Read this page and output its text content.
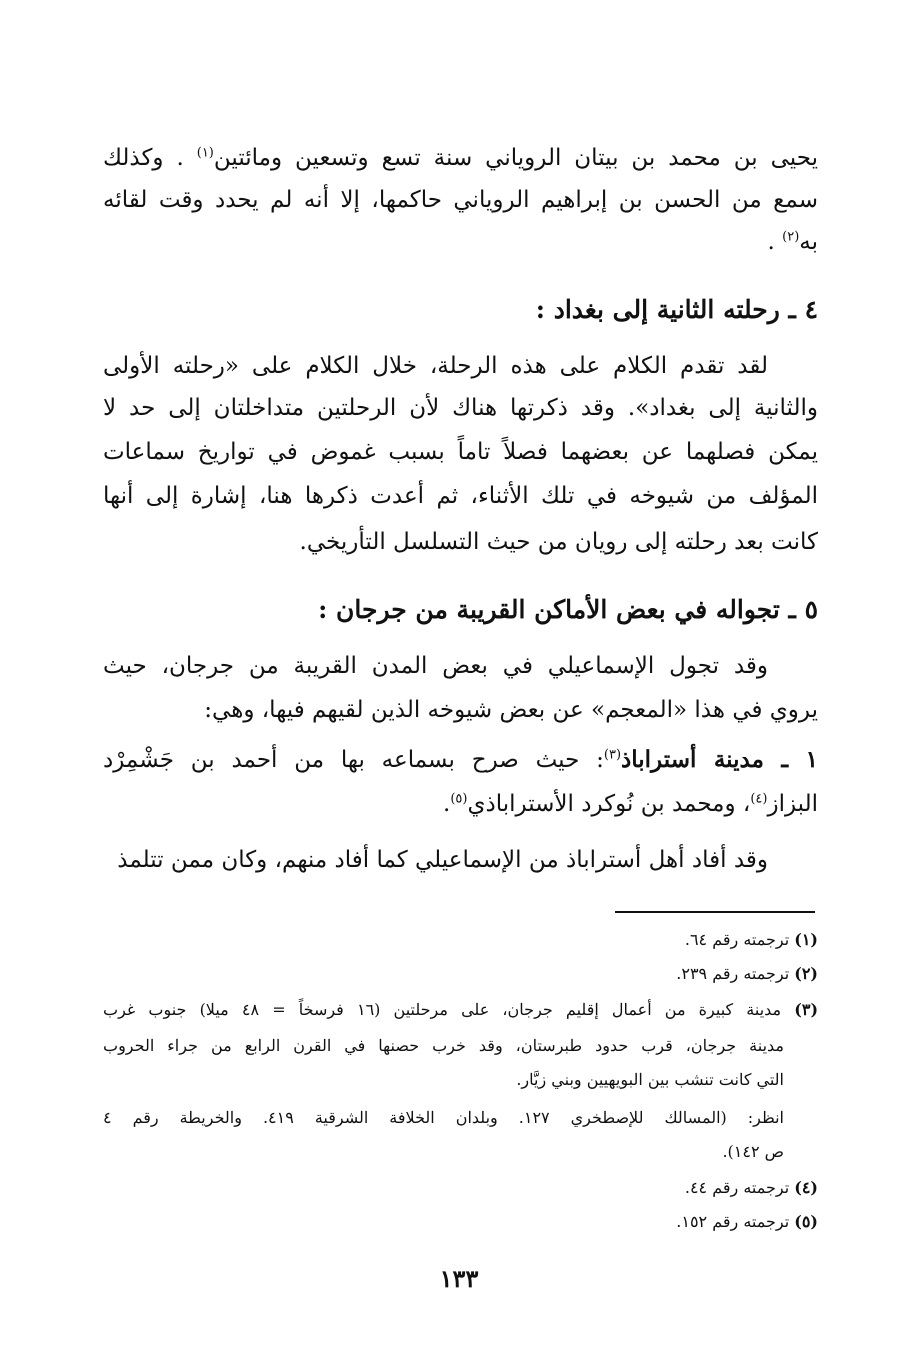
يحيى بن محمد بن بيتان الروياني سنة تسع وتسعين ومائتين$^{(١)}$ . وكذلك
سمع من الحسن بن إبراهيم الروياني حاكمها، إلا أنه لم يحدد وقت لقائه
به$^{(٢)}$ .
٤ ـ رحلته الثانية إلى بغداد :
لقد تقدم الكلام على هذه الرحلة، خلال الكلام على «رحلته الأولى
والثانية إلى بغداد». وقد ذكرتها هناك لأن الرحلتين متداخلتان إلى حد لا
يمكن فصلهما عن بعضهما فصلاً تاماً بسبب غموض في تواريخ سماعات
المؤلف من شيوخه في تلك الأثناء، ثم أعدت ذكرها هنا، إشارة إلى أنها
كانت بعد رحلته إلى رويان من حيث التسلسل التأريخي.
٥ ـ تجواله في بعض الأماكن القريبة من جرجان :
وقد تجول الإسماعيلي في بعض المدن القريبة من جرجان، حيث
يروي في هذا «المعجم» عن بعض شيوخه الذين لقيهم فيها، وهي:
١ ـ مدينة أستراباذ$^{(٣)}$: حيث صرح بسماعه بها من أحمد بن جَشْمِرْد
البزاز$^{(٤)}$، ومحمد بن نُوكرد الأستراباذي$^{(٥)}$.
وقد أفاد أهل أستراباذ من الإسماعيلي كما أفاد منهم، وكان ممن تتلمذ
(١) ترجمته رقم ٦٤.
(٢) ترجمته رقم ٢٣٩.
(٣) مدينة كبيرة من أعمال إقليم جرجان، على مرحلتين (١٦ فرسخاً = ٤٨ ميلا) جنوب غرب
مدينة جرجان، قرب حدود طبرستان، وقد خرب حصنها في القرن الرابع من جراء الحروب
التي كانت تنشب بين البويهيين وبني زيَّار.
انظر: (المسالك للإصطخري ١٢٧. وبلدان الخلافة الشرقية ٤١٩. والخريطة رقم ٤
ص ١٤٢).
(٤) ترجمته رقم ٤٤.
(٥) ترجمته رقم ١٥٢.
١٣٣
